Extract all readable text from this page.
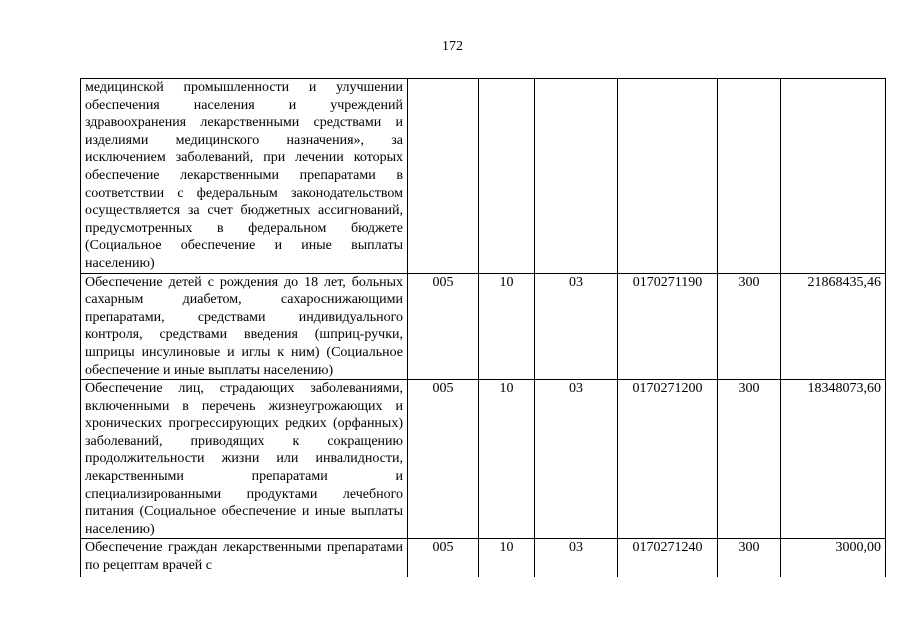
172
медицинской промышленности и улучшении обеспечения населения и учреждений здравоохранения лекарственными средствами и изделиями медицинского назначения», за исключением заболеваний, при лечении которых обеспечение лекарственными препаратами в соответствии с федеральным законодательством осуществляется за счет бюджетных ассигнований, предусмотренных в федеральном бюджете (Социальное обеспечение и иные выплаты населению)						
Обеспечение детей с рождения до 18 лет, больных сахарным диабетом, сахароснижающими препаратами, средствами индивидуального контроля, средствами введения (шприц-ручки, шприцы инсулиновые и иглы к ним) (Социальное обеспечение и иные выплаты населению)	005	10	03	0170271190	300	21868435,46
Обеспечение лиц, страдающих заболеваниями, включенными в перечень жизнеугрожающих и хронических прогрессирующих редких (орфанных) заболеваний, приводящих к сокращению продолжительности жизни или инвалидности, лекарственными препаратами и специализированными продуктами лечебного питания (Социальное обеспечение и иные выплаты населению)	005	10	03	0170271200	300	18348073,60

Обеспечение граждан лекарственными препаратами по рецептам врачей с	005	10	03	0170271240	300	3000,00
